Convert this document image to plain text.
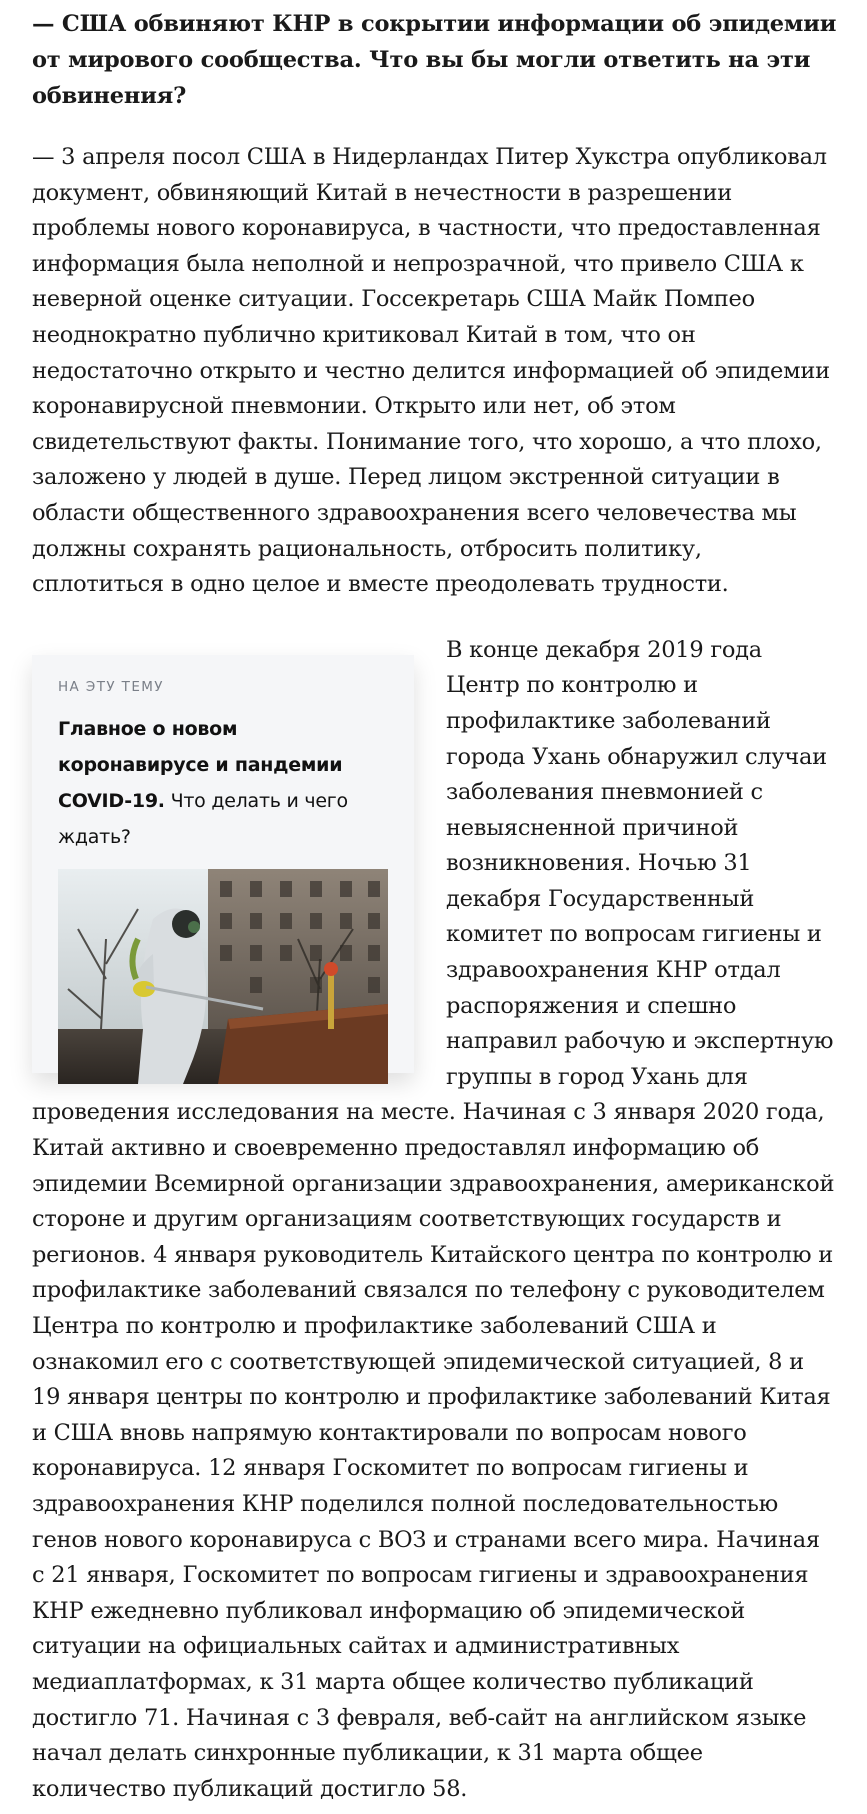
— США обвиняют КНР в сокрытии информации об эпидемии от мирового сообщества. Что вы бы могли ответить на эти обвинения?

— 3 апреля посол США в Нидерландах Питер Хукстра опубликовал документ, обвиняющий Китай в нечестности в разрешении проблемы нового коронавируса, в частности, что предоставленная информация была неполной и непрозрачной, что привело США к неверной оценке ситуации. Госсекретарь США Майк Помпео неоднократно публично критиковал Китай в том, что он недостаточно открыто и честно делится информацией об эпидемии коронавирусной пневмонии. Открыто или нет, об этом свидетельствуют факты. Понимание того, что хорошо, а что плохо, заложено у людей в душе. Перед лицом экстренной ситуации в области общественного здравоохранения всего человечества мы должны сохранять рациональность, отбросить политику, сплотиться в одно целое и вместе преодолевать трудности.

НА ЭТУ ТЕМУ
Главное о новом коронавирусе и пандемии COVID-19. Что делать и чего ждать?
В конце декабря 2019 года Центр по контролю и профилактике заболеваний
города Ухань обнаружил случаи заболевания пневмонией с невыясненной причиной возникновения. Ночью 31 декабря Государственный комитет по вопросам гигиены и здравоохранения КНР отдал распоряжения и спешно направил рабочую и экспертную группы в город Ухань для проведения исследования на месте. Начиная с 3 января 2020 года, Китай активно и своевременно предоставлял информацию об эпидемии Всемирной организации здравоохранения, американской стороне и другим организациям соответствующих государств и регионов. 4 января руководитель Китайского центра по контролю и профилактике заболеваний связался по телефону с руководителем Центра по контролю и профилактике заболеваний США и ознакомил его с соответствующей эпидемической ситуацией, 8 и 19 января центры по контролю и профилактике заболеваний Китая и США вновь напрямую контактировали по вопросам нового коронавируса. 12 января Госкомитет по вопросам гигиены и здравоохранения КНР поделился полной последовательностью генов нового коронавируса с ВОЗ и странами всего мира. Начиная с 21 января, Госкомитет по вопросам гигиены и здравоохранения КНР ежедневно публиковал информацию об эпидемической ситуации на официальных сайтах и административных медиаплатформах, к 31 марта общее количество публикаций достигло 71. Начиная с 3 февраля, веб-сайт на английском языке начал делать синхронные публикации, к 31 марта общее количество публикаций достигло 58.
